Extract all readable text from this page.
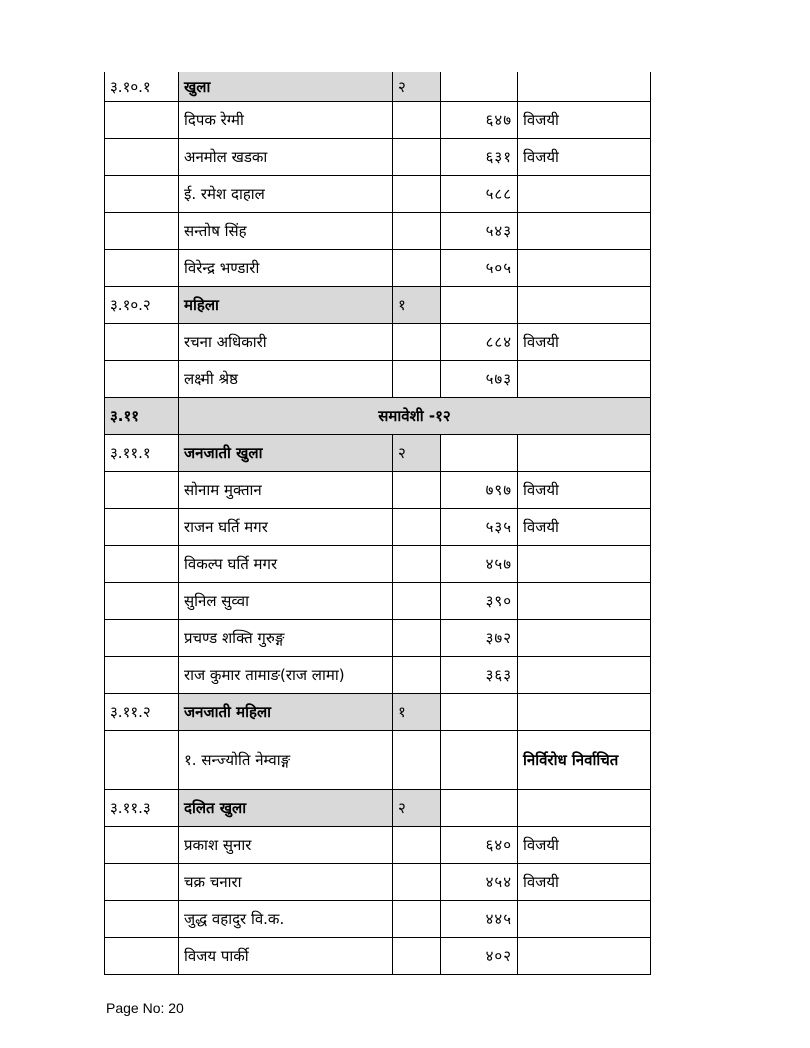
३.१०.१	खुला	२		
	दिपक रेग्मी		६४७	विजयी
	अनमोल खडका		६३१	विजयी
	ई. रमेश दाहाल		५८८	
	सन्तोष सिंह		५४३	
	विरेन्द्र भण्डारी		५०५	
३.१०.२	महिला	१		
	रचना अधिकारी		८८४	विजयी
	लक्ष्मी श्रेष्ठ		५७३	
३.११	समावेशी -१२			
३.११.१	जनजाती खुला	२		
	सोनाम मुक्तान		७९७	विजयी
	राजन घर्ति मगर		५३५	विजयी
	विकल्प घर्ति मगर		४५७	
	सुनिल सुव्वा		३९०	
	प्रचण्ड शक्ति गुरुङ्ग		३७२	
	राज कुमार तामाङ(राज लामा)		३६३	
३.११.२	जनजाती महिला	१		
	१. सन्ज्योति नेम्वाङ्ग			निर्विरोध निर्वाचित
३.११.३	दलित खुला	२		
	प्रकाश सुनार		६४०	विजयी
	चक्र चनारा		४५४	विजयी
	जुद्ध वहादुर वि.क.		४४५	
	विजय पार्की		४०२	
Page No: 20
